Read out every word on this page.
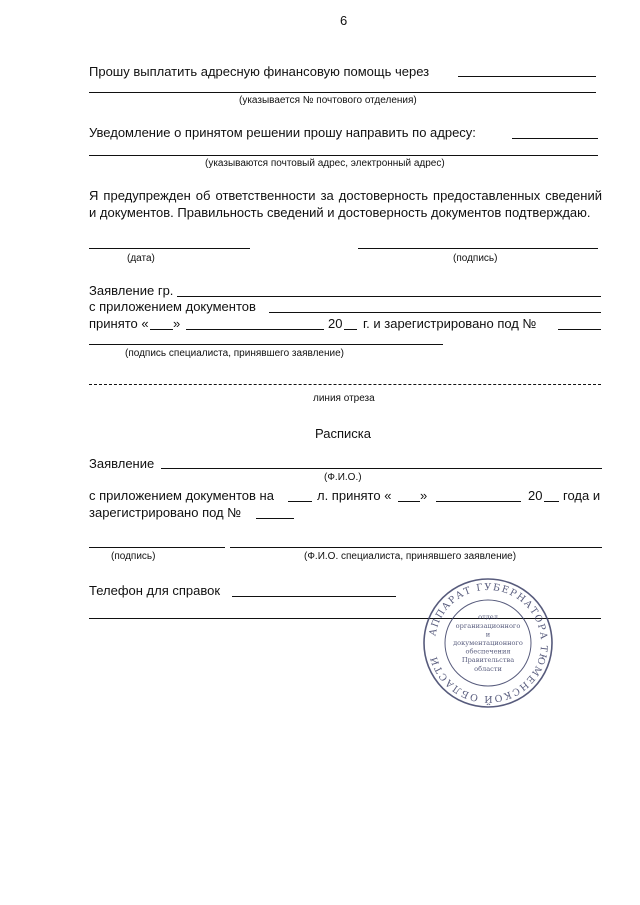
6
Прошу выплатить адресную финансовую помощь через
(указывается № почтового отделения)
Уведомление о принятом решении прошу направить по адресу:
(указываются почтовый адрес, электронный адрес)
Я предупрежден об ответственности за достоверность предоставленных сведений и документов. Правильность сведений и достоверность документов подтверждаю.
(дата)	(подпись)
Заявление гр.
с приложением документов
принято « »	20 г. и зарегистрировано под №
(подпись специалиста, принявшего заявление)
линия отреза
Расписка
Заявление
(Ф.И.О.)
с приложением документов на	л. принято « »	20 года и
зарегистрировано под №
(подпись)	(Ф.И.О. специалиста, принявшего заявление)
Телефон для справок
АППАРАТ ГУБЕРНАТОРА ТЮМЕНСКОЙ ОБЛАСТИ
отдел
организационного
и
документационного
обеспечения
Правительства
области
